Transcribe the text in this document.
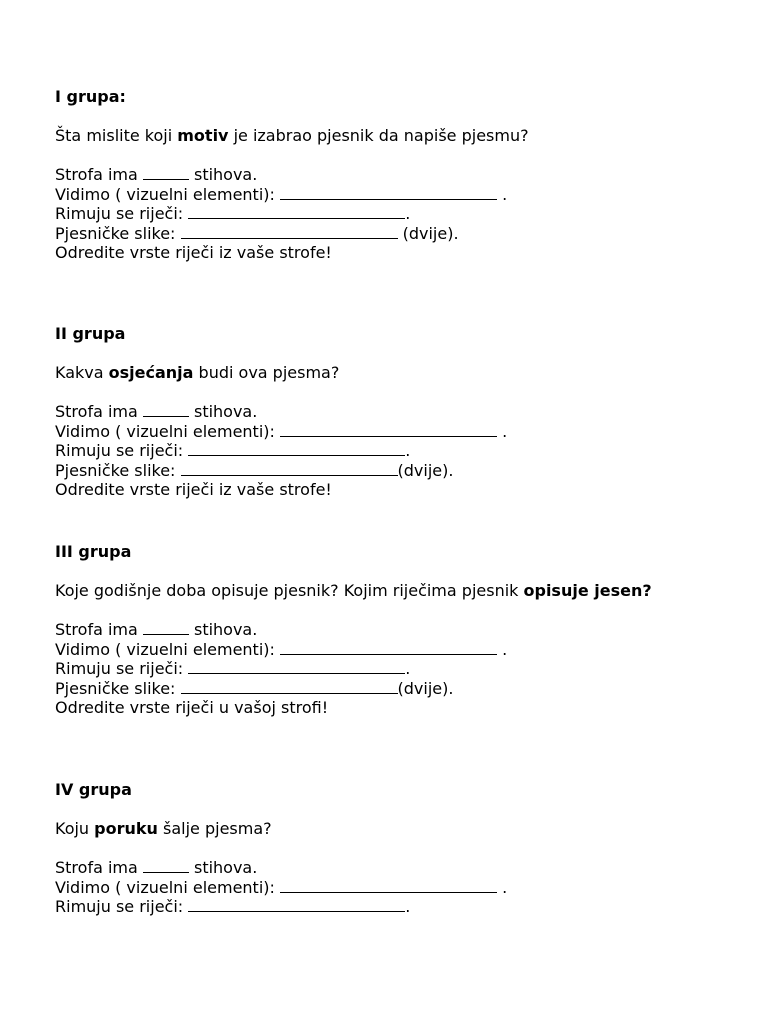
I grupa:

Šta mislite koji motiv je izabrao pjesnik da napiše pjesmu?

Strofa ima	stihova.

Vidimo ( vizuelni elementi):	.

Rimuju se riječi:	.

Pjesničke slike:	(dvije).

Odredite vrste riječi iz vaše strofe!

II grupa

Kakva osjećanja budi ova pjesma?

Strofa ima	stihova.

Vidimo ( vizuelni elementi):	.

Rimuju se riječi:	.

Pjesničke slike:	(dvije).

Odredite vrste riječi iz vaše strofe!

III grupa

Koje godišnje doba opisuje pjesnik? Kojim riječima pjesnik opisuje jesen?

Strofa ima	stihova.

Vidimo ( vizuelni elementi):	.

Rimuju se riječi:	.

Pjesničke slike:	(dvije).

Odredite vrste riječi u vašoj strofi!

IV grupa

Koju poruku šalje pjesma?

Strofa ima	stihova.

Vidimo ( vizuelni elementi):	.

Rimuju se riječi:	.
